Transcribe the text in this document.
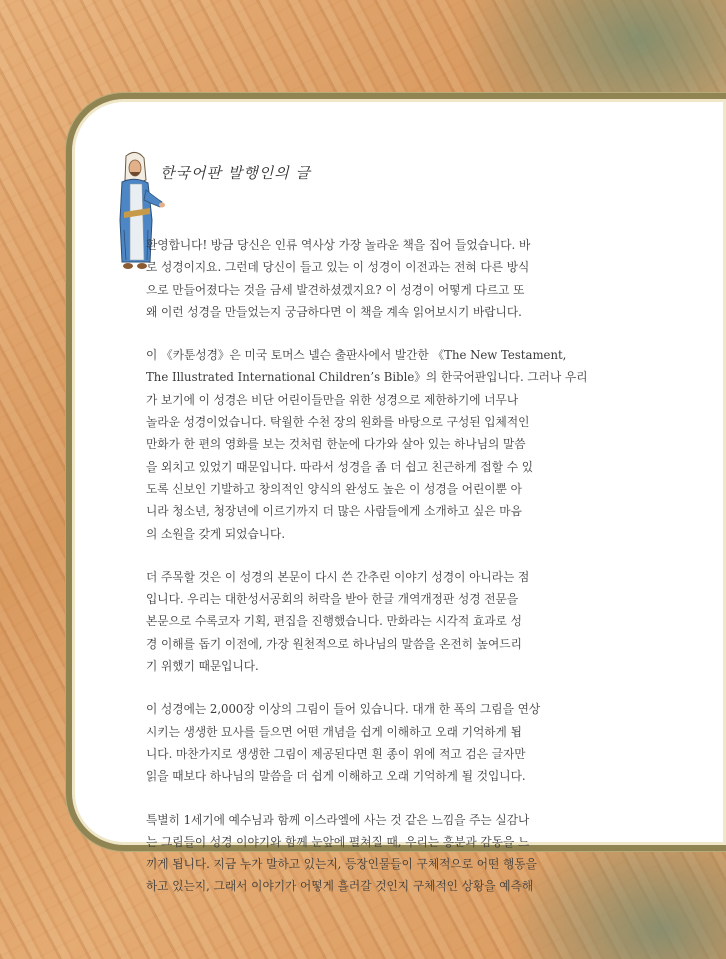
한국어판 발행인의 글

환영합니다! 방금 당신은 인류 역사상 가장 놀라운 책을 집어 들었습니다. 바
로 성경이지요. 그런데 당신이 들고 있는 이 성경이 이전과는 전혀 다른 방식
으로 만들어졌다는 것을 금세 발견하셨겠지요? 이 성경이 어떻게 다르고 또
왜 이런 성경을 만들었는지 궁금하다면 이 책을 계속 읽어보시기 바랍니다.

이 《카툰성경》은 미국 토머스 넬슨 출판사에서 발간한 《The New Testament,
The Illustrated International Children’s Bible》의 한국어판입니다. 그러나 우리
가 보기에 이 성경은 비단 어린이들만을 위한 성경으로 제한하기에 너무나
놀라운 성경이었습니다. 탁월한 수천 장의 원화를 바탕으로 구성된 입체적인
만화가 한 편의 영화를 보는 것처럼 한눈에 다가와 살아 있는 하나님의 말씀
을 외치고 있었기 때문입니다. 따라서 성경을 좀 더 쉽고 친근하게 접할 수 있
도록 신보인 기발하고 창의적인 양식의 완성도 높은 이 성경을 어린이뿐 아
니라 청소년, 청장년에 이르기까지 더 많은 사람들에게 소개하고 싶은 마음
의 소원을 갖게 되었습니다.

더 주목할 것은 이 성경의 본문이 다시 쓴 간추린 이야기 성경이 아니라는 점
입니다. 우리는 대한성서공회의 허락을 받아 한글 개역개정판 성경 전문을
본문으로 수록코자 기획, 편집을 진행했습니다. 만화라는 시각적 효과로 성
경 이해를 돕기 이전에, 가장 원천적으로 하나님의 말씀을 온전히 높여드리
기 위했기 때문입니다.

이 성경에는 2,000장 이상의 그림이 들어 있습니다. 대개 한 폭의 그림을 연상
시키는 생생한 묘사를 들으면 어떤 개념을 쉽게 이해하고 오래 기억하게 됩
니다. 마찬가지로 생생한 그림이 제공된다면 흰 종이 위에 적고 검은 글자만
읽을 때보다 하나님의 말씀을 더 쉽게 이해하고 오래 기억하게 될 것입니다.

특별히 1세기에 예수님과 함께 이스라엘에 사는 것 같은 느낌을 주는 실감나
는 그림들이 성경 이야기와 함께 눈앞에 펼쳐질 때, 우리는 흥분과 감동을 느
끼게 됩니다. 지금 누가 말하고 있는지, 등장인물들이 구체적으로 어떤 행동을
하고 있는지, 그래서 이야기가 어떻게 흘러갈 것인지 구체적인 상황을 예측해
